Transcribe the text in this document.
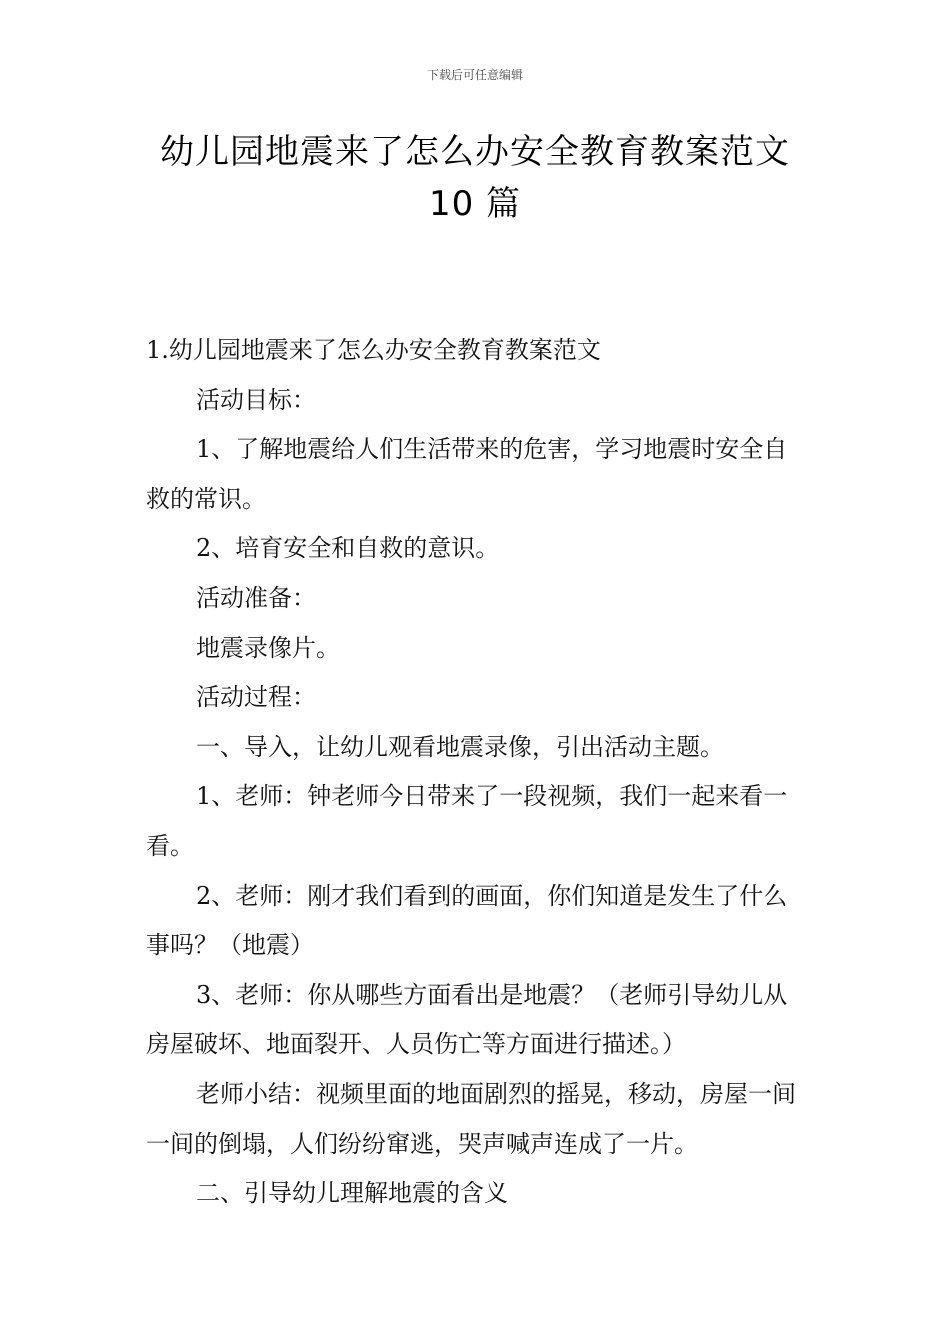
下载后可任意编辑
幼儿园地震来了怎么办安全教育教案范文
10 篇

1.幼儿园地震来了怎么办安全教育教案范文

活动目标：

1、了解地震给人们生活带来的危害，学习地震时安全自救的常识。

2、培育安全和自救的意识。

活动准备：

地震录像片。

活动过程：

一、导入，让幼儿观看地震录像，引出活动主题。

1、老师：钟老师今日带来了一段视频，我们一起来看一看。

2、老师：刚才我们看到的画面，你们知道是发生了什么事吗？（地震）

3、老师：你从哪些方面看出是地震？（老师引导幼儿从房屋破坏、地面裂开、人员伤亡等方面进行描述。）

老师小结：视频里面的地面剧烈的摇晃，移动，房屋一间一间的倒塌，人们纷纷窜逃，哭声喊声连成了一片。

二、引导幼儿理解地震的含义
